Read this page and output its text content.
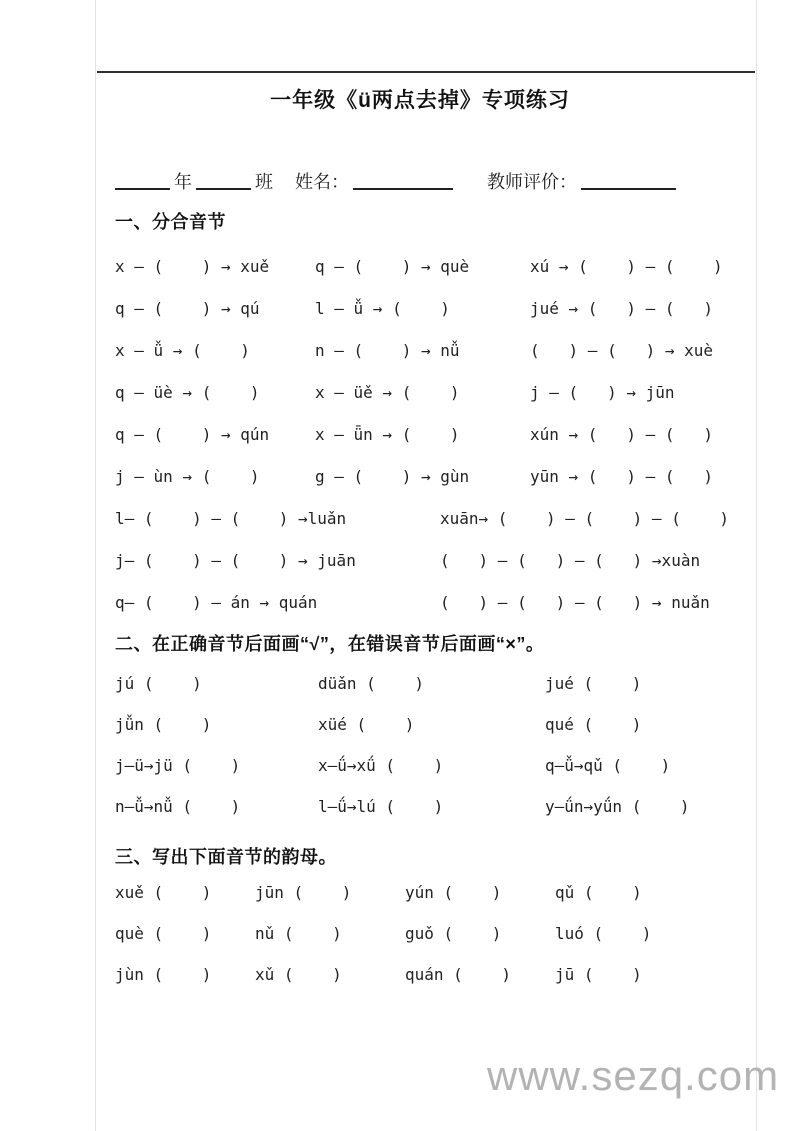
一年级《ü两点去掉》专项练习
年	班 姓名：	教师评价：
一、分合音节
x — (    ) → xuě	q — (    ) → què	xú → (    ) — (    )
q — (    ) → qú	l — ǚ → (    )	jué → (   ) — (   )
x — ǚ → (    )	n — (    ) → nǚ	(   ) — (   ) → xuè
q — üè → (    )	x — üě → (    )	j — (   ) → jūn
q — (    ) → qún	x — ǖn → (    )	xún → (   ) — (   )
j — ùn → (    )	g — (    ) → gùn	yūn → (   ) — (   )
l— (    ) — (    ) →luǎn	xuān→ (    ) — (    ) — (    )
j— (    ) — (    ) → juān	(   ) — (   ) — (   ) →xuàn
q— (    ) — án → quán	(   ) — (   ) — (   ) → nuǎn
二、在正确音节后面画“√”，在错误音节后面画“×”。
jú (    )	düǎn (    )	jué (    )
jǚn (    )	xüé (    )	qué (    )
j—ü→jü (    )	x—ǘ→xǘ (    )	q—ǚ→qǔ (    )
n—ǚ→nǚ (    )	l—ǘ→lú (    )	y—ǘn→yǘn (    )
三、写出下面音节的韵母。
xuě (    )	jūn (    )	yún (    )	qǔ (    )
què (    )	nǔ (    )	guǒ (    )	luó (    )
jùn (    )	xǔ (    )	quán (    )	jū (    )
www.sezq.com
